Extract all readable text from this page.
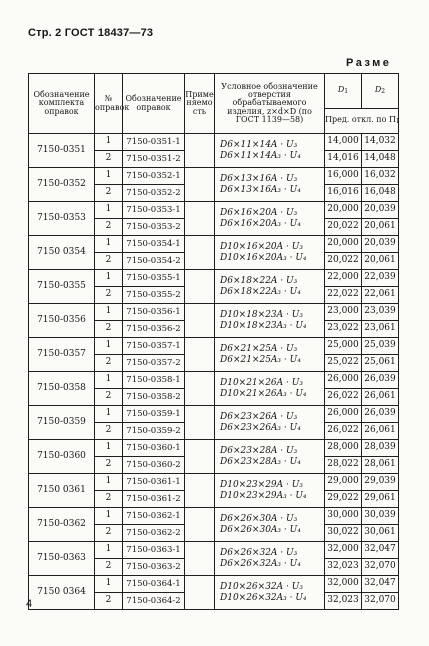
Стр. 2 ГОСТ 18437—73
Разме
Обозначение комплекта оправок	№ оправок	Обозначение оправок	Применяемость	Условное обозначение отверстия обрабатываемого изделия, z×d×D (по ГОСТ 1139—58)	D1	D2
					Пред. откл. по П1	
7150-0351	1	7150-0351-1		D6×11×14A · U₃
D6×11×14A₃ · U₄	14,000	14,032
	2	7150-0351-2			14,016	14,048
7150-0352	1	7150-0352-1		D6×13×16A · U₃
D6×13×16A₃ · U₄	16,000	16,032
	2	7150-0352-2			16,016	16,048
7150-0353	1	7150-0353-1		D6×16×20A · U₃
D6×16×20A₃ · U₄	20,000	20,039
	2	7150-0353-2			20,022	20,061
7150 0354	1	7150-0354-1		D10×16×20A · U₃
D10×16×20A₃ · U₄	20,000	20,039
	2	7150-0354-2			20,022	20,061
7150-0355	1	7150-0355-1		D6×18×22A · U₃
D6×18×22A₃ · U₄	22,000	22,039
	2	7150-0355-2			22,022	22,061
7150-0356	1	7150-0356-1		D10×18×23A · U₃
D10×18×23A₃ · U₄	23,000	23,039
	2	7150-0356-2			23,022	23,061
7150-0357	1	7150-0357-1		D6×21×25A · U₃
D6×21×25A₃ · U₄	25,000	25,039
	2	7150-0357-2			25,022	25,061
7150-0358	1	7150-0358-1		D10×21×26A · U₃
D10×21×26A₃ · U₄	26,000	26,039
	2	7150-0358-2			26,022	26,061
7150-0359	1	7150-0359-1		D6×23×26A · U₃
D6×23×26A₃ · U₄	26,000	26,039
	2	7150-0359-2			26,022	26,061
7150-0360	1	7150-0360-1		D6×23×28A · U₃
D6×23×28A₃ · U₄	28,000	28,039
	2	7150-0360-2			28,022	28,061
7150 0361	1	7150-0361-1		D10×23×29A · U₃
D10×23×29A₃ · U₄	29,000	29,039
	2	7150-0361-2			29,022	29,061
7150-0362	1	7150-0362-1		D6×26×30A · U₃
D6×26×30A₃ · U₄	30,000	30,039
	2	7150-0362-2			30,022	30,061
7150-0363	1	7150-0363-1		D6×26×32A · U₃
D6×26×32A₃ · U₄	32,000	32,047
	2	7150-0363-2			32,023	32,070
7150 0364	1	7150-0364-1		D10×26×32A · U₃
D10×26×32A₃ · U₄	32,000	32,047
	2	7150-0364-2			32,023	32,070
4
